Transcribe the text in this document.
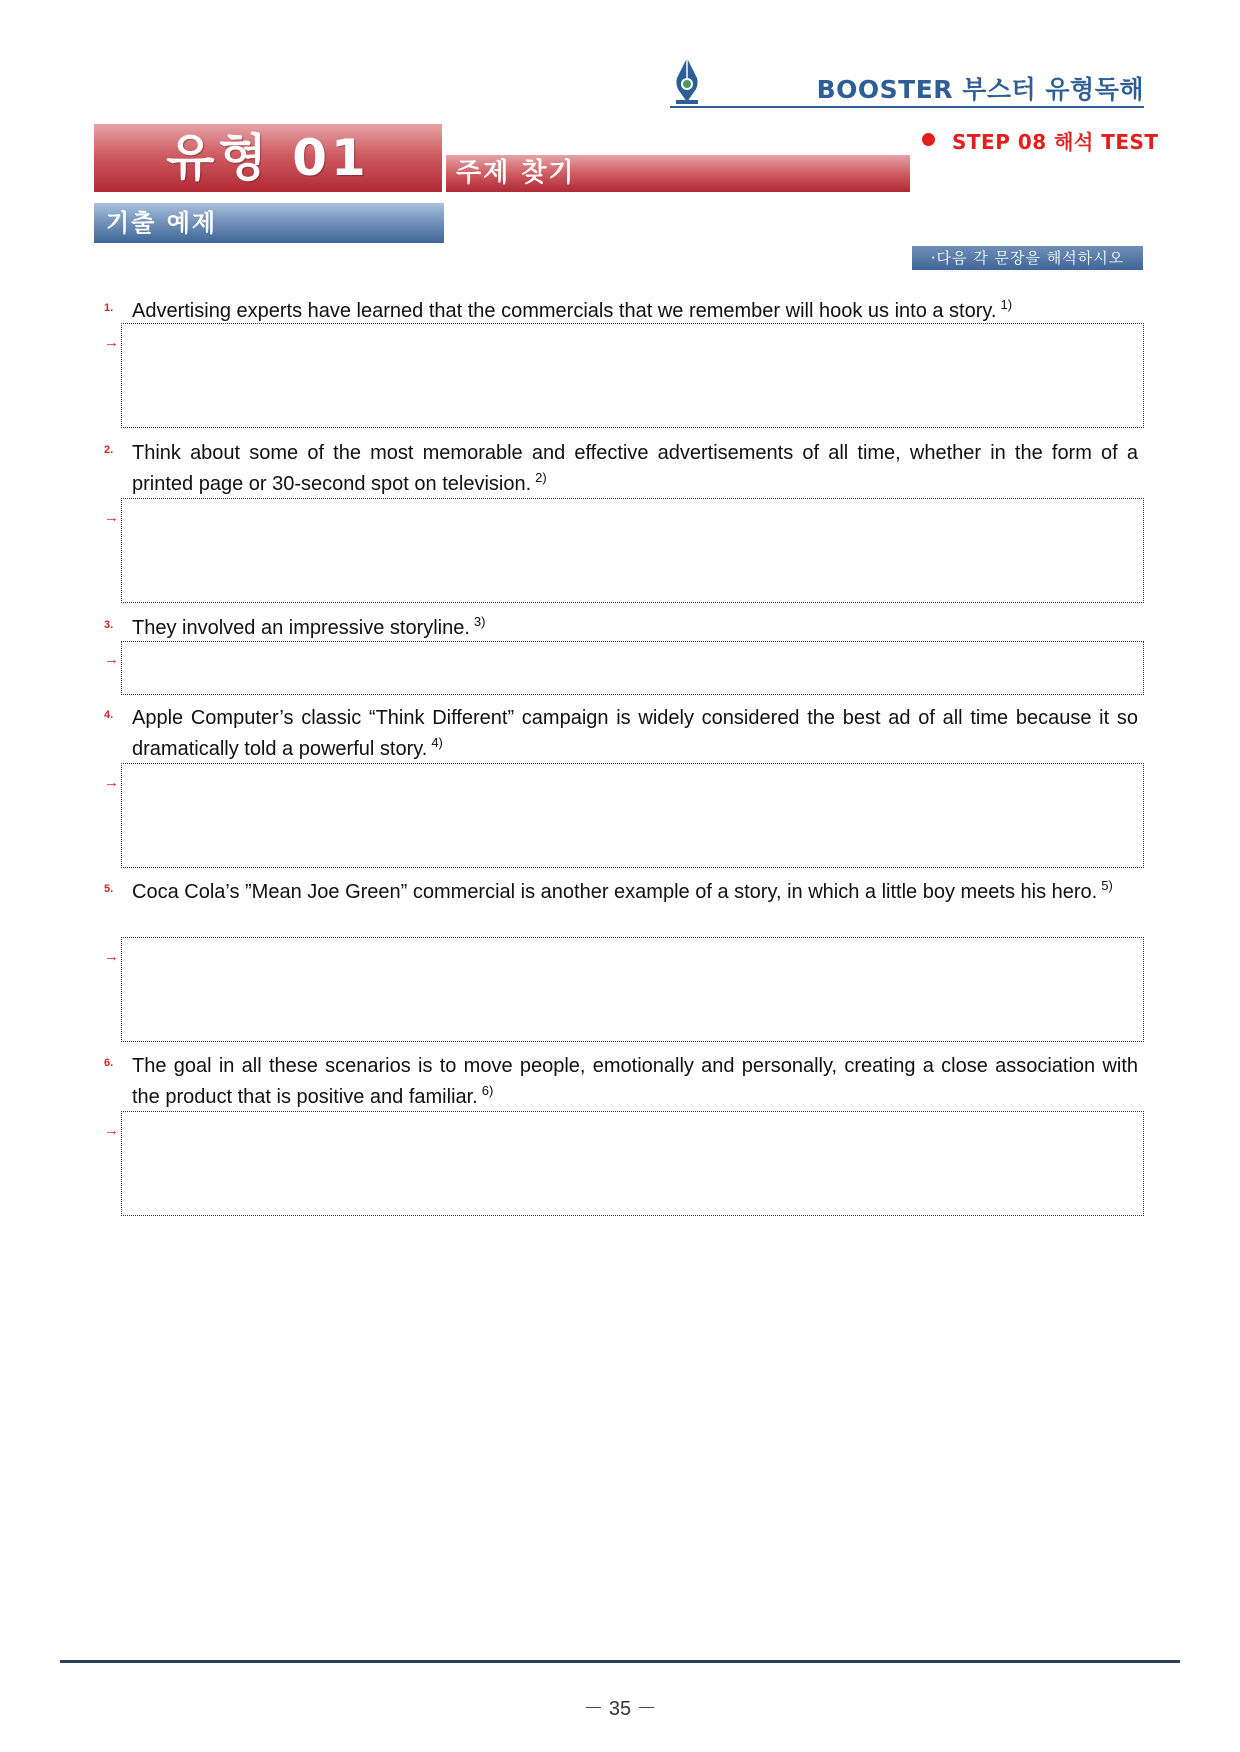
BOOSTER 부스터 유형독해
유형 01	주제 찾기
STEP 08 해석 TEST
기출 예제
·다음 각 문장을 해석하시오
1. Advertising experts have learned that the commercials that we remember will hook us into a story. $^{1)}$
→
2. Think about some of the most memorable and effective advertisements of all time, whether in the form of a printed page or 30-second spot on television. $^{2)}$
→
3. They involved an impressive storyline. $^{3)}$
→
4. Apple Computer’s classic “Think Different” campaign is widely considered the best ad of all time because it so dramatically told a powerful story. $^{4)}$
→
5. Coca Cola’s ”Mean Joe Green” commercial is another example of a story, in which a little boy meets his hero. $^{5)}$
→
6. The goal in all these scenarios is to move people, emotionally and personally, creating a close association with the product that is positive and familiar. $^{6)}$
→
－ 35 －
